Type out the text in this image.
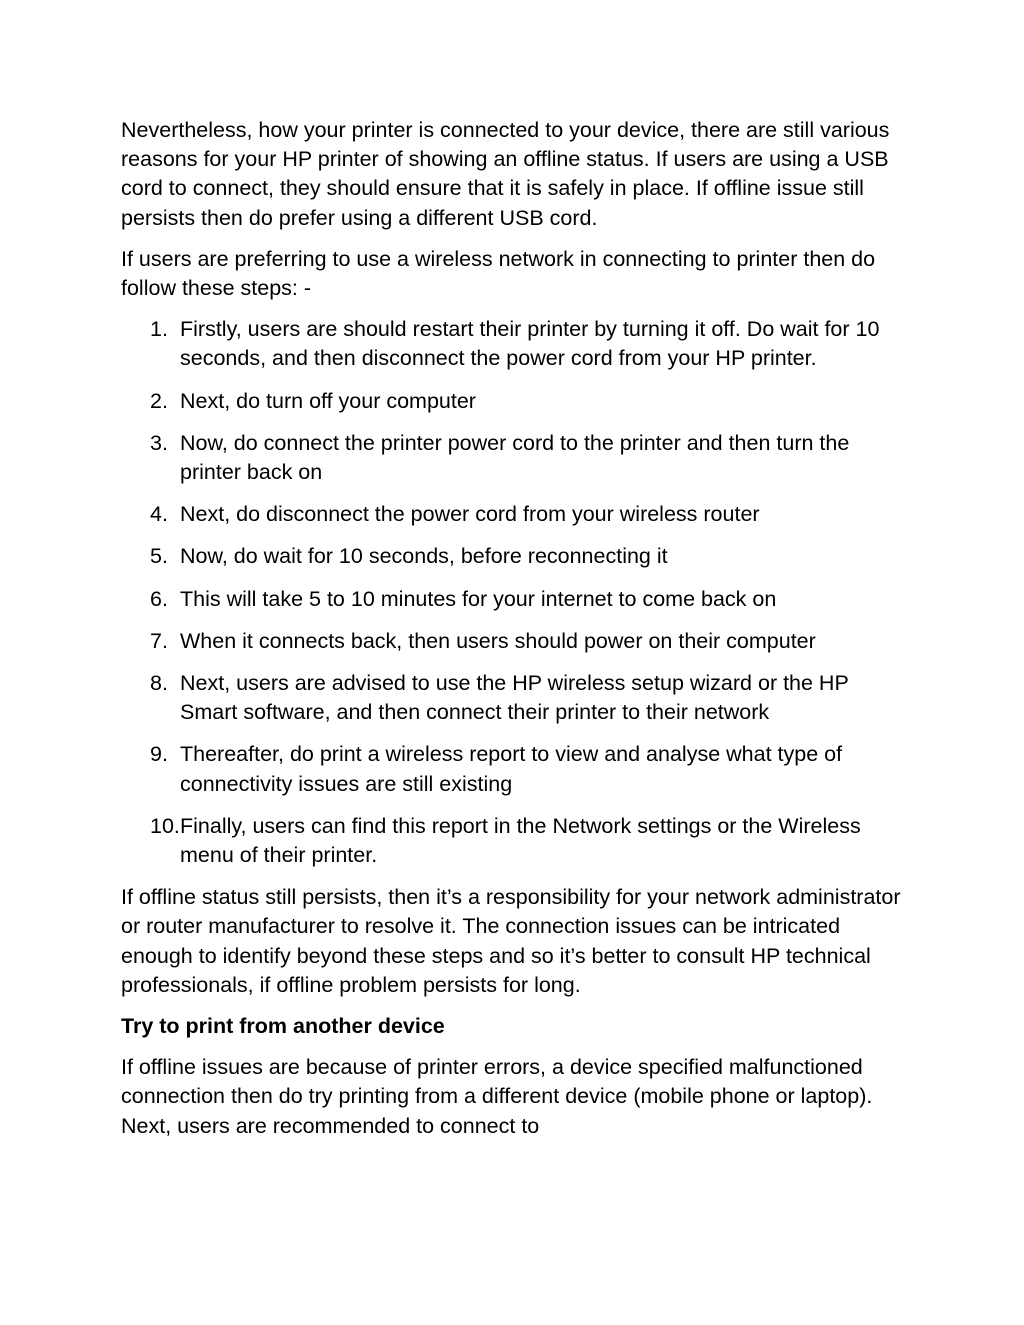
Nevertheless, how your printer is connected to your device, there are still various reasons for your HP printer of showing an offline status. If users are using a USB cord to connect, they should ensure that it is safely in place. If offline issue still persists then do prefer using a different USB cord.

If users are preferring to use a wireless network in connecting to printer then do follow these steps: -

1. Firstly, users are should restart their printer by turning it off. Do wait for 10 seconds, and then disconnect the power cord from your HP printer.
2. Next, do turn off your computer
3. Now, do connect the printer power cord to the printer and then turn the printer back on
4. Next, do disconnect the power cord from your wireless router
5. Now, do wait for 10 seconds, before reconnecting it
6. This will take 5 to 10 minutes for your internet to come back on
7. When it connects back, then users should power on their computer
8. Next, users are advised to use the HP wireless setup wizard or the HP Smart software, and then connect their printer to their network
9. Thereafter, do print a wireless report to view and analyse what type of connectivity issues are still existing
10. Finally, users can find this report in the Network settings or the Wireless menu of their printer.

If offline status still persists, then it’s a responsibility for your network administrator or router manufacturer to resolve it. The connection issues can be intricated enough to identify beyond these steps and so it’s better to consult HP technical professionals, if offline problem persists for long.

Try to print from another device

If offline issues are because of printer errors, a device specified malfunctioned connection then do try printing from a different device (mobile phone or laptop). Next, users are recommended to connect to
